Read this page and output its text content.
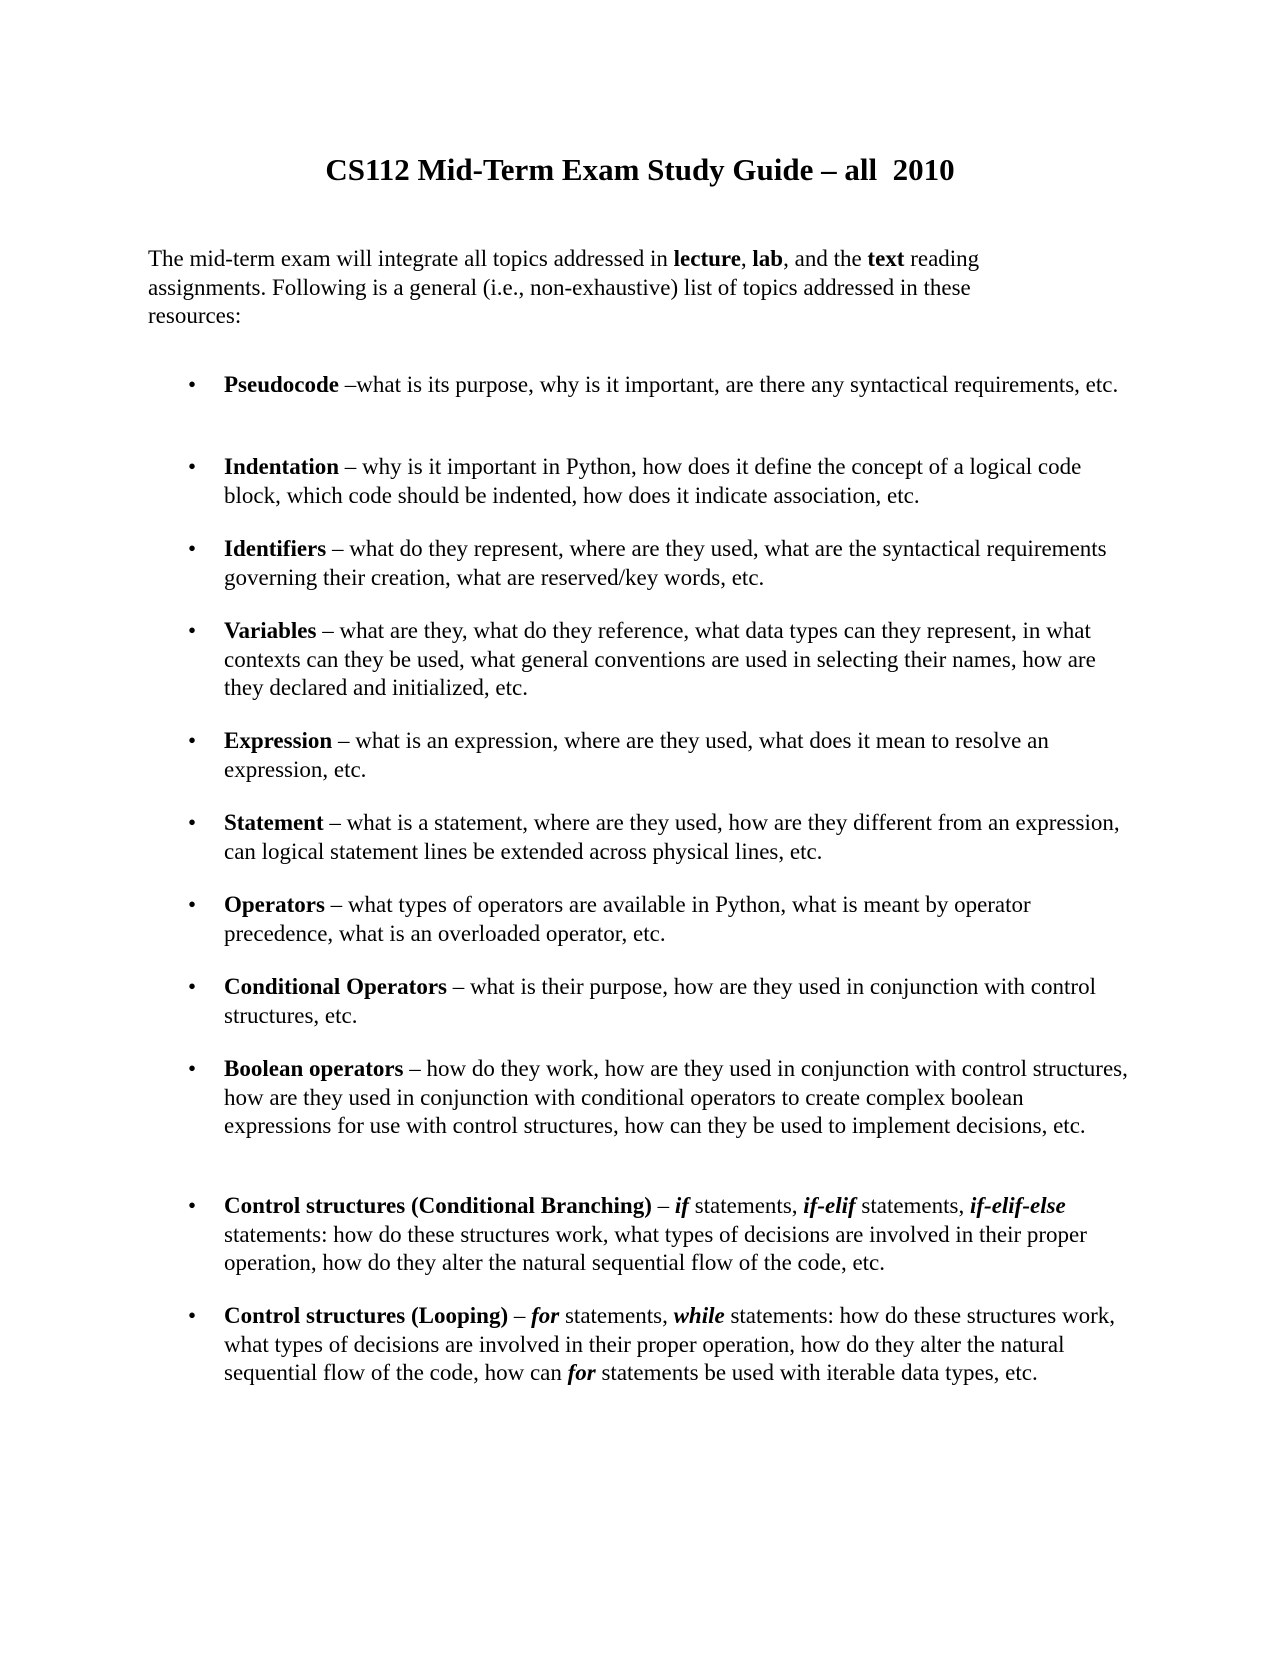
CS112 Mid-Term Exam Study Guide – all  2010

The mid-term exam will integrate all topics addressed in lecture, lab, and the text reading assignments. Following is a general (i.e., non-exhaustive) list of topics addressed in these resources:

• Pseudocode –what is its purpose, why is it important, are there any syntactical requirements, etc.
• Indentation – why is it important in Python, how does it define the concept of a logical code block, which code should be indented, how does it indicate association, etc.
• Identifiers – what do they represent, where are they used, what are the syntactical requirements governing their creation, what are reserved/key words, etc.
• Variables – what are they, what do they reference, what data types can they represent, in what contexts can they be used, what general conventions are used in selecting their names, how are they declared and initialized, etc.
• Expression – what is an expression, where are they used, what does it mean to resolve an expression, etc.
• Statement – what is a statement, where are they used, how are they different from an expression, can logical statement lines be extended across physical lines, etc.
• Operators – what types of operators are available in Python, what is meant by operator precedence, what is an overloaded operator, etc.
• Conditional Operators – what is their purpose, how are they used in conjunction with control structures, etc.
• Boolean operators – how do they work, how are they used in conjunction with control structures, how are they used in conjunction with conditional operators to create complex boolean expressions for use with control structures, how can they be used to implement decisions, etc.
• Control structures (Conditional Branching) – if statements, if-elif statements, if-elif-else statements: how do these structures work, what types of decisions are involved in their proper operation, how do they alter the natural sequential flow of the code, etc.
• Control structures (Looping) – for statements, while statements: how do these structures work, what types of decisions are involved in their proper operation, how do they alter the natural sequential flow of the code, how can for statements be used with iterable data types, etc.
